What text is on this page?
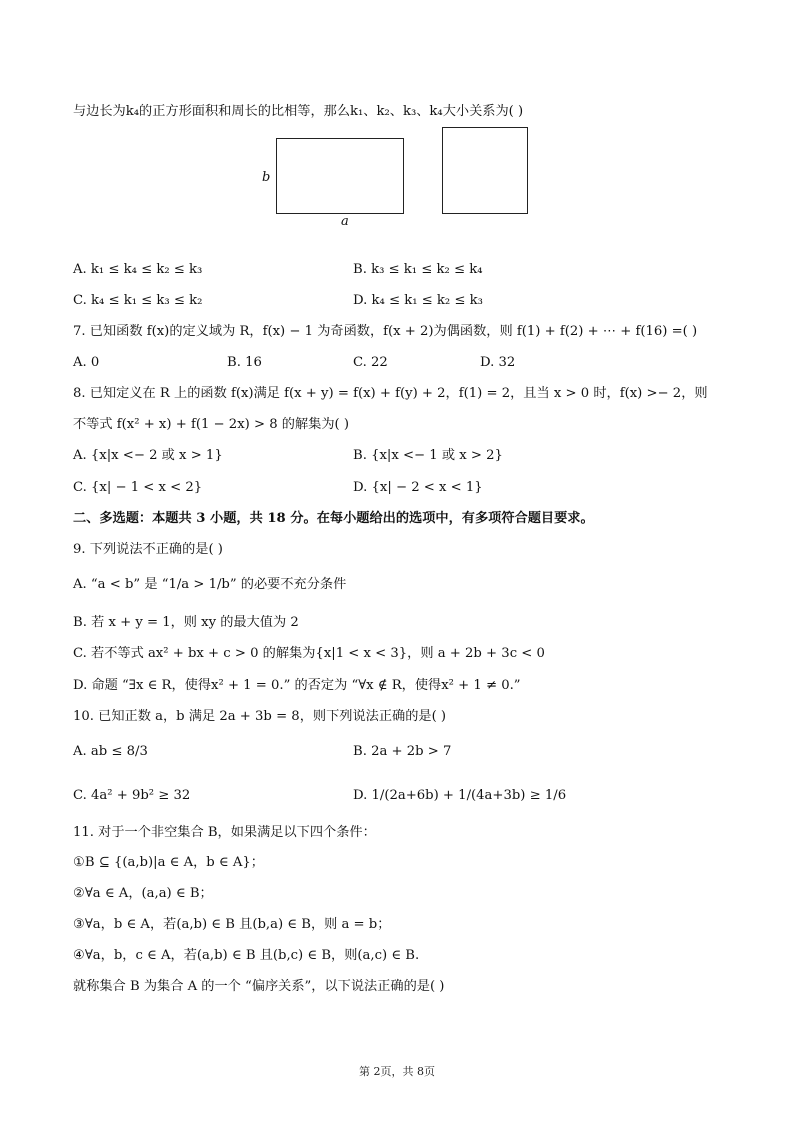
与边长为k₄的正方形面积和周长的比相等，那么k₁、k₂、k₃、k₄大小关系为( )
b
a
A. k₁ ≤ k₄ ≤ k₂ ≤ k₃	B. k₃ ≤ k₁ ≤ k₂ ≤ k₄
C. k₄ ≤ k₁ ≤ k₃ ≤ k₂	D. k₄ ≤ k₁ ≤ k₂ ≤ k₃
7. 已知函数 f(x)的定义域为 R，f(x) − 1 为奇函数，f(x + 2)为偶函数，则 f(1) + f(2) + ⋯ + f(16) =( )
A. 0	B. 16	C. 22	D. 32
8. 已知定义在 R 上的函数 f(x)满足 f(x + y) = f(x) + f(y) + 2，f(1) = 2，且当 x > 0 时，f(x) >− 2，则
不等式 f(x² + x) + f(1 − 2x) > 8 的解集为( )
A. {x|x <− 2 或 x > 1}	B. {x|x <− 1 或 x > 2}
C. {x| − 1 < x < 2}	D. {x| − 2 < x < 1}
二、多选题：本题共 3 小题，共 18 分。在每小题给出的选项中，有多项符合题目要求。
9. 下列说法不正确的是( )
A. “a < b” 是 “1/a > 1/b” 的必要不充分条件
B. 若 x + y = 1，则 xy 的最大值为 2
C. 若不等式 ax² + bx + c > 0 的解集为{x|1 < x < 3}，则 a + 2b + 3c < 0
D. 命题 “∃x ∈ R，使得x² + 1 = 0.” 的否定为 “∀x ∉ R，使得x² + 1 ≠ 0.”
10. 已知正数 a，b 满足 2a + 3b = 8，则下列说法正确的是( )
A. ab ≤ 8/3	B. 2a + 2b > 7
C. 4a² + 9b² ≥ 32	D. 1/(2a+6b) + 1/(4a+3b) ≥ 1/6
11. 对于一个非空集合 B，如果满足以下四个条件：
①B ⊆ {(a,b)|a ∈ A，b ∈ A}；
②∀a ∈ A，(a,a) ∈ B；
③∀a，b ∈ A，若(a,b) ∈ B 且(b,a) ∈ B，则 a = b；
④∀a，b，c ∈ A，若(a,b) ∈ B 且(b,c) ∈ B，则(a,c) ∈ B.
就称集合 B 为集合 A 的一个 “偏序关系”，以下说法正确的是( )
第 2页，共 8页
